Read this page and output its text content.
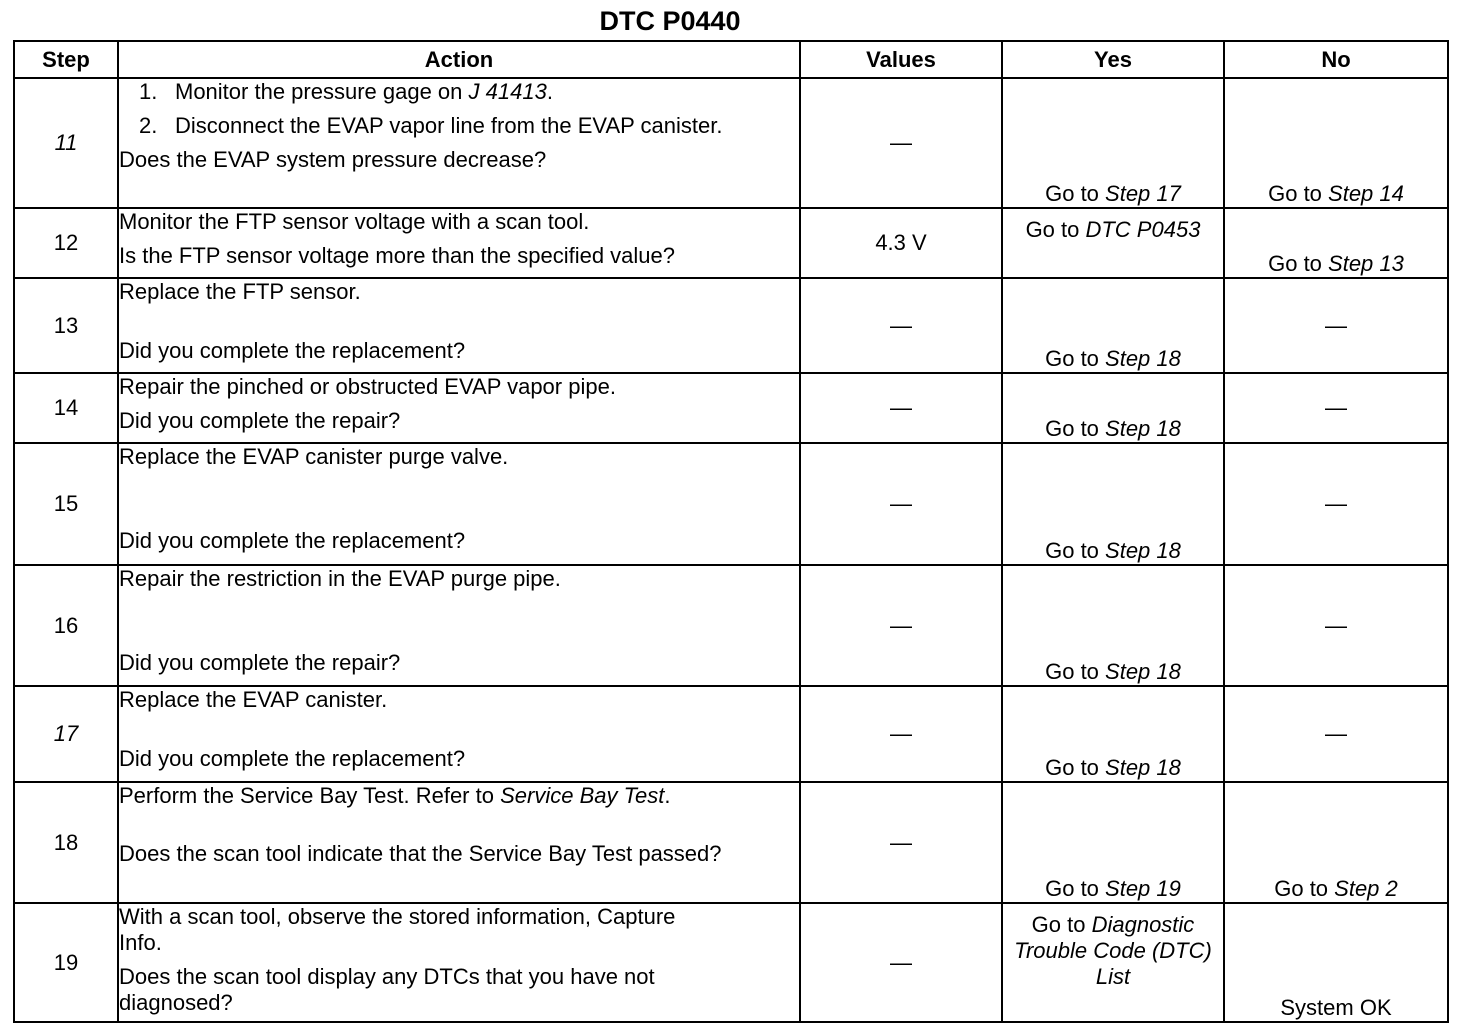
DTC P0440
Step	Action	Values	Yes	No
11	1. Monitor the pressure gage on J 41413.
2. Disconnect the EVAP vapor line from the EVAP canister.
Does the EVAP system pressure decrease?	—	Go to Step 17	Go to Step 14
12	Monitor the FTP sensor voltage with a scan tool.
Is the FTP sensor voltage more than the specified value?	4.3 V	Go to DTC P0453	Go to Step 13
13	Replace the FTP sensor.
Did you complete the replacement?	—	Go to Step 18	—
14	Repair the pinched or obstructed EVAP vapor pipe.
Did you complete the repair?	—	Go to Step 18	—
15	Replace the EVAP canister purge valve.
Did you complete the replacement?	—	Go to Step 18	—
16	Repair the restriction in the EVAP purge pipe.
Did you complete the repair?	—	Go to Step 18	—
17	Replace the EVAP canister.
Did you complete the replacement?	—	Go to Step 18	—
18	Perform the Service Bay Test. Refer to Service Bay Test.
Does the scan tool indicate that the Service Bay Test passed?	—	Go to Step 19	Go to Step 2
19	With a scan tool, observe the stored information, Capture Info.
Does the scan tool display any DTCs that you have not diagnosed?	—	Go to Diagnostic Trouble Code (DTC) List	System OK
